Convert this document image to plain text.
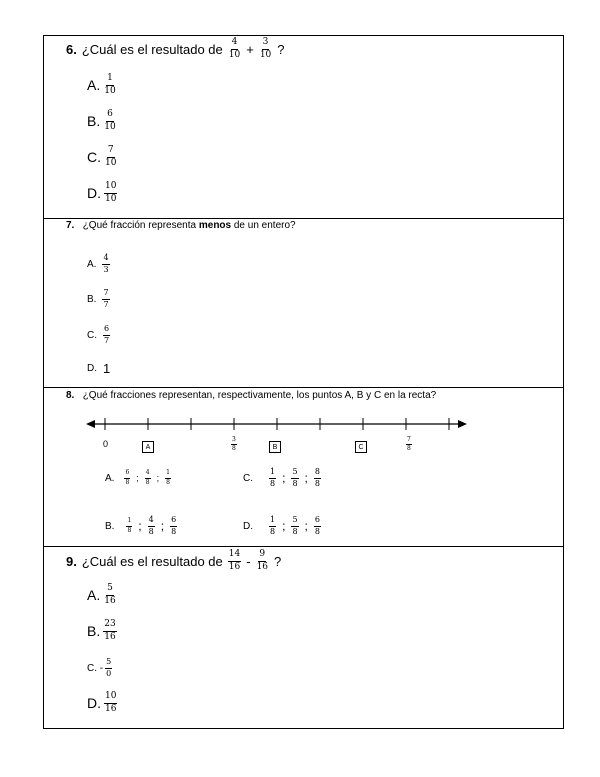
6. ¿Cuál es el resultado de $\frac{4}{10} + \frac{3}{10}$ ?
A. $\frac{1}{10}$
B. $\frac{6}{10}$
C. $\frac{7}{10}$
D. $\frac{10}{10}$
7. ¿Qué fracción representa menos de un entero?
A. $\frac{4}{3}$
B. $\frac{7}{7}$
C. $\frac{6}{7}$
D. 1
8. ¿Qué fracciones representan, respectivamente, los puntos A, B y C en la recta?
0	A	$\frac{3}{8}$	B	C	$\frac{7}{8}$
A. $\frac{6}{8}$ ; $\frac{4}{8}$ ; $\frac{1}{8}$	C. $\frac{1}{8}$ ; $\frac{5}{8}$ ; $\frac{8}{8}$
B. $\frac{1}{8}$ ; $\frac{4}{8}$ ; $\frac{6}{8}$	D. $\frac{1}{8}$ ; $\frac{5}{8}$ ; $\frac{6}{8}$
9. ¿Cuál es el resultado de $\frac{14}{16} - \frac{9}{16}$ ?
A. $\frac{5}{16}$
B. $\frac{23}{16}$
C. - $\frac{5}{0}$
D. $\frac{10}{16}$
